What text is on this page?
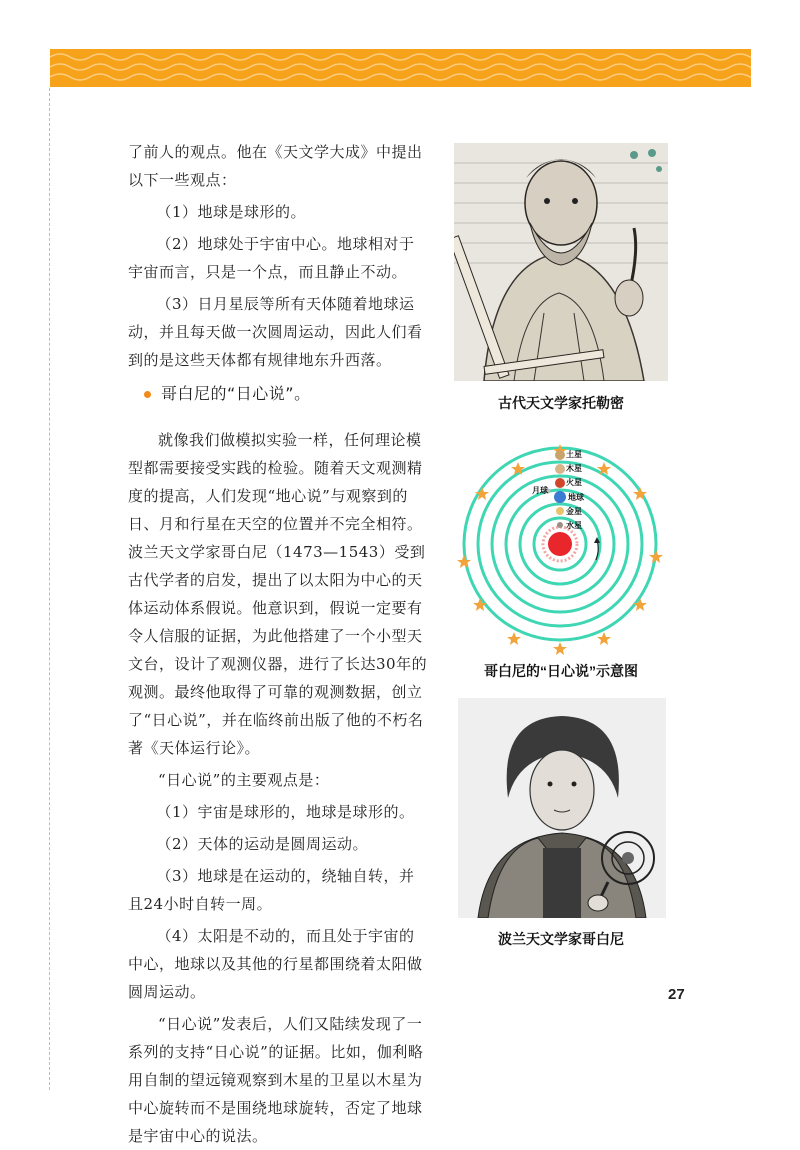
了前人的观点。他在《天文学大成》中提出以下一些观点：

（1）地球是球形的。

（2）地球处于宇宙中心。地球相对于宇宙而言，只是一个点，而且静止不动。

（3）日月星辰等所有天体随着地球运动，并且每天做一次圆周运动，因此人们看到的是这些天体都有规律地东升西落。

哥白尼的“日心说”。

就像我们做模拟实验一样，任何理论模型都需要接受实践的检验。随着天文观测精度的提高，人们发现“地心说”与观察到的日、月和行星在天空的位置并不完全相符。波兰天文学家哥白尼（1473—1543）受到古代学者的启发，提出了以太阳为中心的天体运动体系假说。他意识到，假说一定要有令人信服的证据，为此他搭建了一个小型天文台，设计了观测仪器，进行了长达30年的观测。最终他取得了可靠的观测数据，创立了“日心说”，并在临终前出版了他的不朽名著《天体运行论》。

“日心说”的主要观点是：

（1）宇宙是球形的，地球是球形的。

（2）天体的运动是圆周运动。

（3）地球是在运动的，绕轴自转，并且24小时自转一周。

（4）太阳是不动的，而且处于宇宙的中心，地球以及其他的行星都围绕着太阳做圆周运动。

“日心说”发表后，人们又陆续发现了一系列的支持“日心说”的证据。比如，伽利略用自制的望远镜观察到木星的卫星以木星为中心旋转而不是围绕地球旋转，否定了地球是宇宙中心的说法。

古代天文学家托勒密
土星
木星
火星
月球
地球
金星
水星
哥白尼的“日心说”示意图
波兰天文学家哥白尼
27
